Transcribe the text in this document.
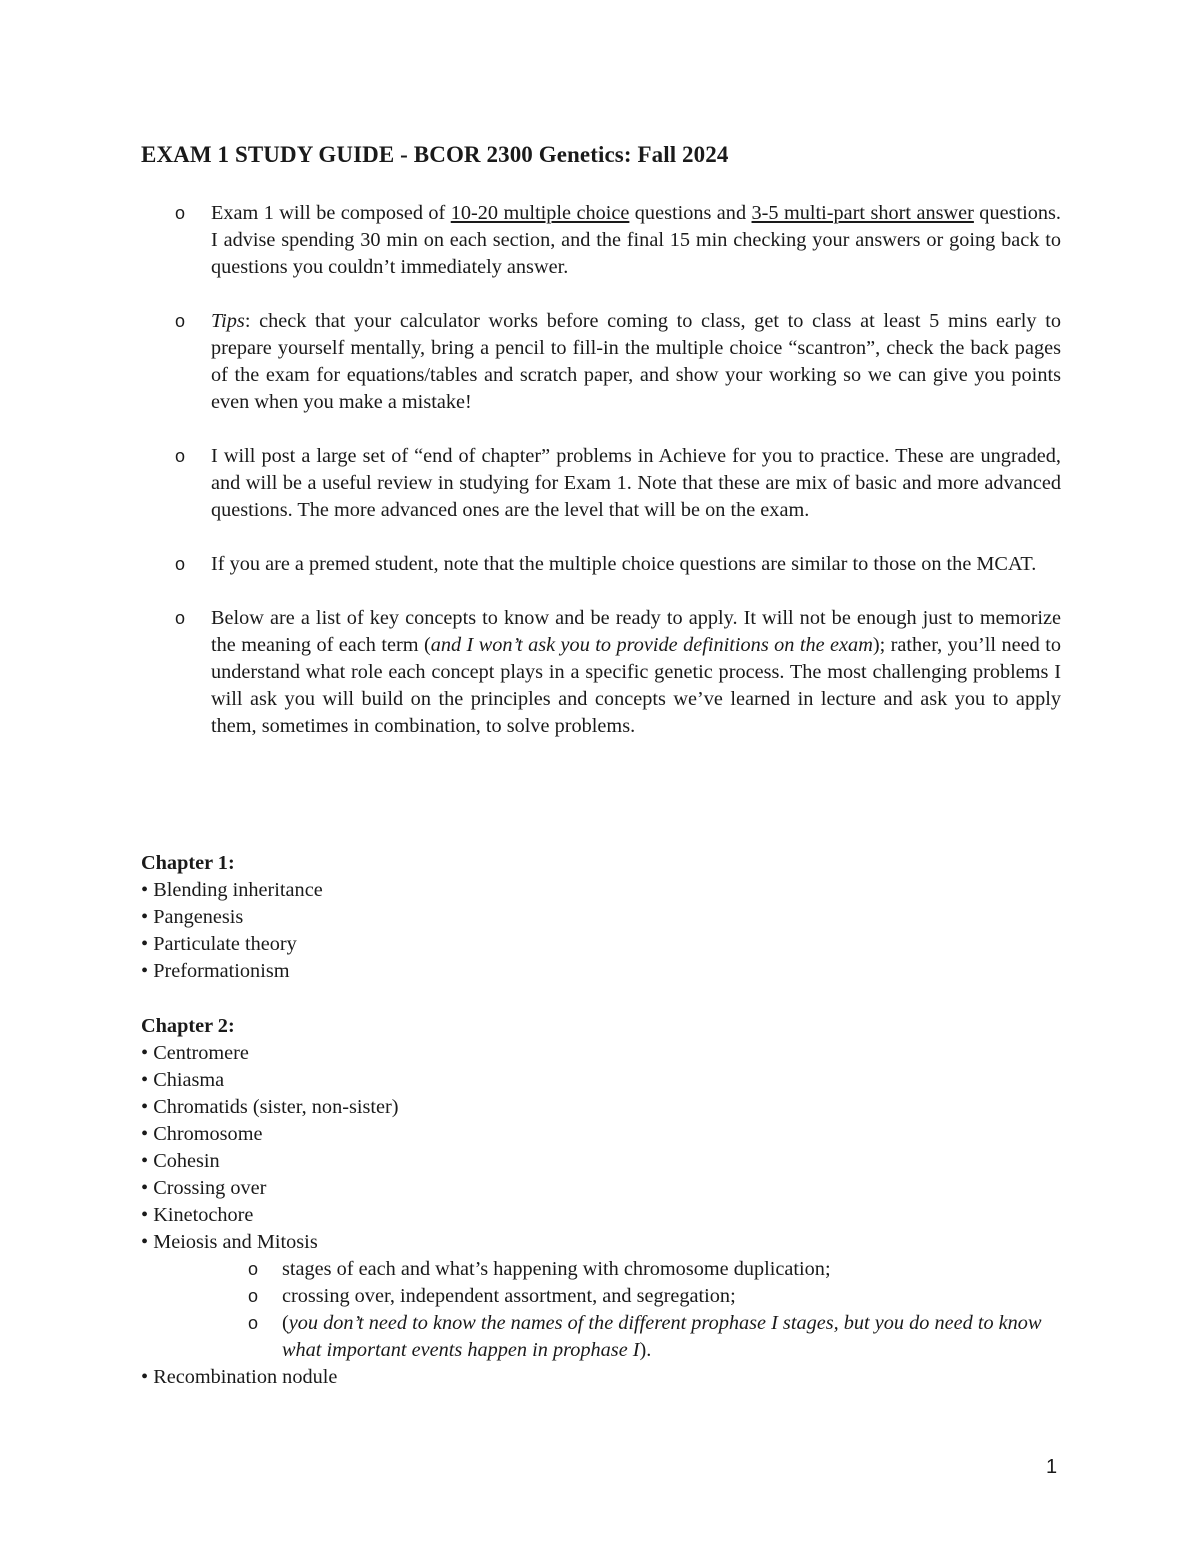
EXAM 1 STUDY GUIDE - BCOR 2300 Genetics: Fall 2024
o Exam 1 will be composed of 10-20 multiple choice questions and 3-5 multi-part short answer questions. I advise spending 30 min on each section, and the final 15 min checking your answers or going back to questions you couldn’t immediately answer.
o Tips: check that your calculator works before coming to class, get to class at least 5 mins early to prepare yourself mentally, bring a pencil to fill-in the multiple choice “scantron”, check the back pages of the exam for equations/tables and scratch paper, and show your working so we can give you points even when you make a mistake!
o I will post a large set of “end of chapter” problems in Achieve for you to practice. These are ungraded, and will be a useful review in studying for Exam 1. Note that these are mix of basic and more advanced questions. The more advanced ones are the level that will be on the exam.
o If you are a premed student, note that the multiple choice questions are similar to those on the MCAT.
o Below are a list of key concepts to know and be ready to apply. It will not be enough just to memorize the meaning of each term (and I won’t ask you to provide definitions on the exam); rather, you’ll need to understand what role each concept plays in a specific genetic process. The most challenging problems I will ask you will build on the principles and concepts we’ve learned in lecture and ask you to apply them, sometimes in combination, to solve problems.
Chapter 1:
• Blending inheritance
• Pangenesis
• Particulate theory
• Preformationism
Chapter 2:
• Centromere
• Chiasma
• Chromatids (sister, non-sister)
• Chromosome
• Cohesin
• Crossing over
• Kinetochore
• Meiosis and Mitosis
o stages of each and what’s happening with chromosome duplication;
o crossing over, independent assortment, and segregation;
o (you don’t need to know the names of the different prophase I stages, but you do need to know what important events happen in prophase I).
• Recombination nodule
1
